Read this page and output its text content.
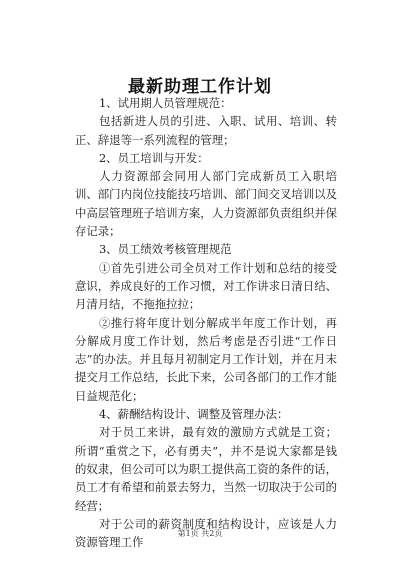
最新助理工作计划

1、试用期人员管理规范：

包括新进人员的引进、入职、试用、培训、转正、辞退等一系列流程的管理；

2、员工培训与开发：

人力资源部会同用人部门完成新员工入职培训、部门内岗位技能技巧培训、部门间交叉培训以及中高层管理班子培训方案，人力资源部负责组织并保存记录；

3、员工绩效考核管理规范

①首先引进公司全员对工作计划和总结的接受意识，养成良好的工作习惯，对工作讲求日清日结、月清月结，不拖拖拉拉；

②推行将年度计划分解成半年度工作计划，再分解成月度工作计划，然后考虑是否引进“工作日志”的办法。并且每月初制定月工作计划，并在月末提交月工作总结，长此下来，公司各部门的工作才能日益规范化；

4、薪酬结构设计、调整及管理办法：

对于员工来讲，最有效的激励方式就是工资；所谓“重赏之下，必有勇夫”，并不是说大家都是钱的奴隶，但公司可以为职工提供高工资的条件的话，员工才有希望和前景去努力，当然一切取决于公司的经营；

对于公司的薪资制度和结构设计，应该是人力资源管理工作

第1页 共2页
